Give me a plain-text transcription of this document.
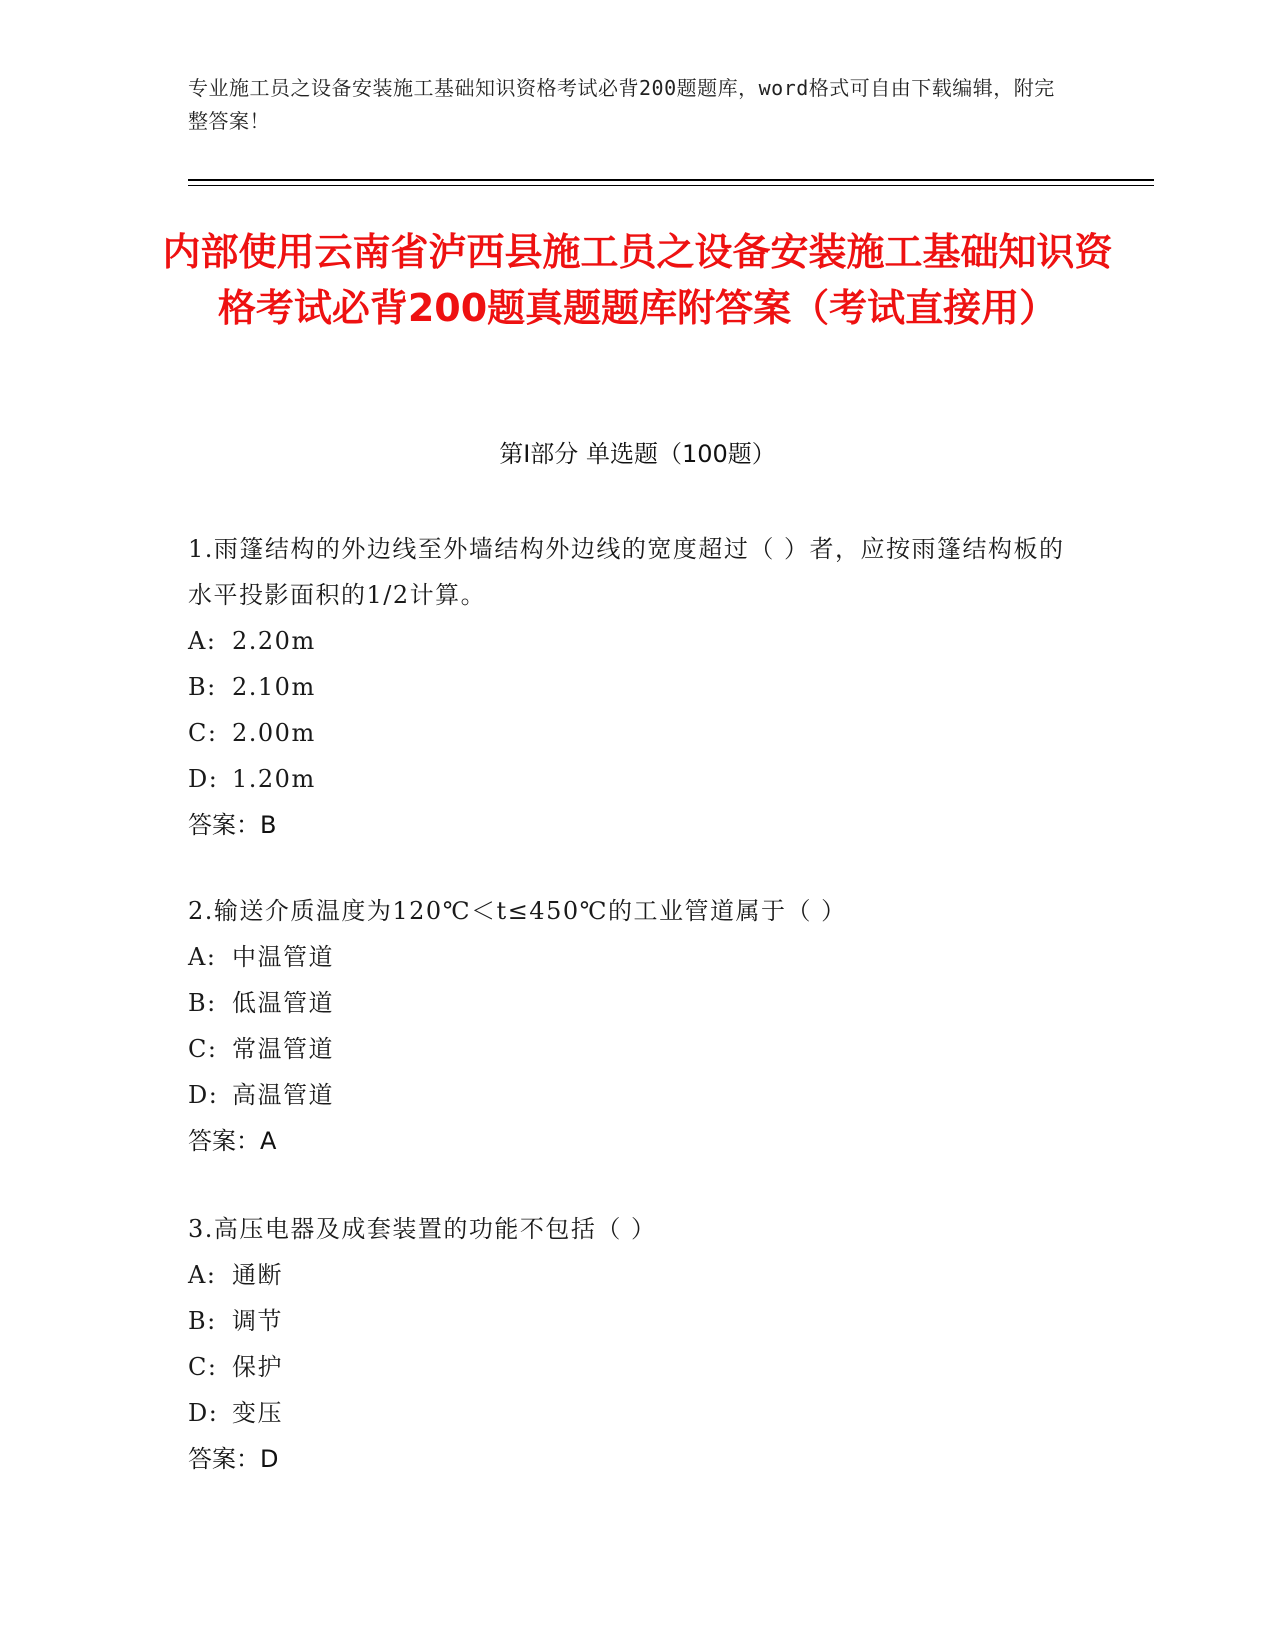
专业施工员之设备安装施工基础知识资格考试必背200题题库，word格式可自由下载编辑，附完整答案！
内部使用云南省泸西县施工员之设备安装施工基础知识资格考试必背200题真题题库附答案（考试直接用）
第Ⅰ部分 单选题（100题）
1.雨篷结构的外边线至外墙结构外边线的宽度超过（ ）者，应按雨篷结构板的水平投影面积的1/2计算。
A: 2.20m
B: 2.10m
C: 2.00m
D: 1.20m
答案：B
2.输送介质温度为120℃＜t≤450℃的工业管道属于（ ）
A: 中温管道
B: 低温管道
C: 常温管道
D: 高温管道
答案：A
3.高压电器及成套装置的功能不包括（ ）
A: 通断
B: 调节
C: 保护
D: 变压
答案：D
